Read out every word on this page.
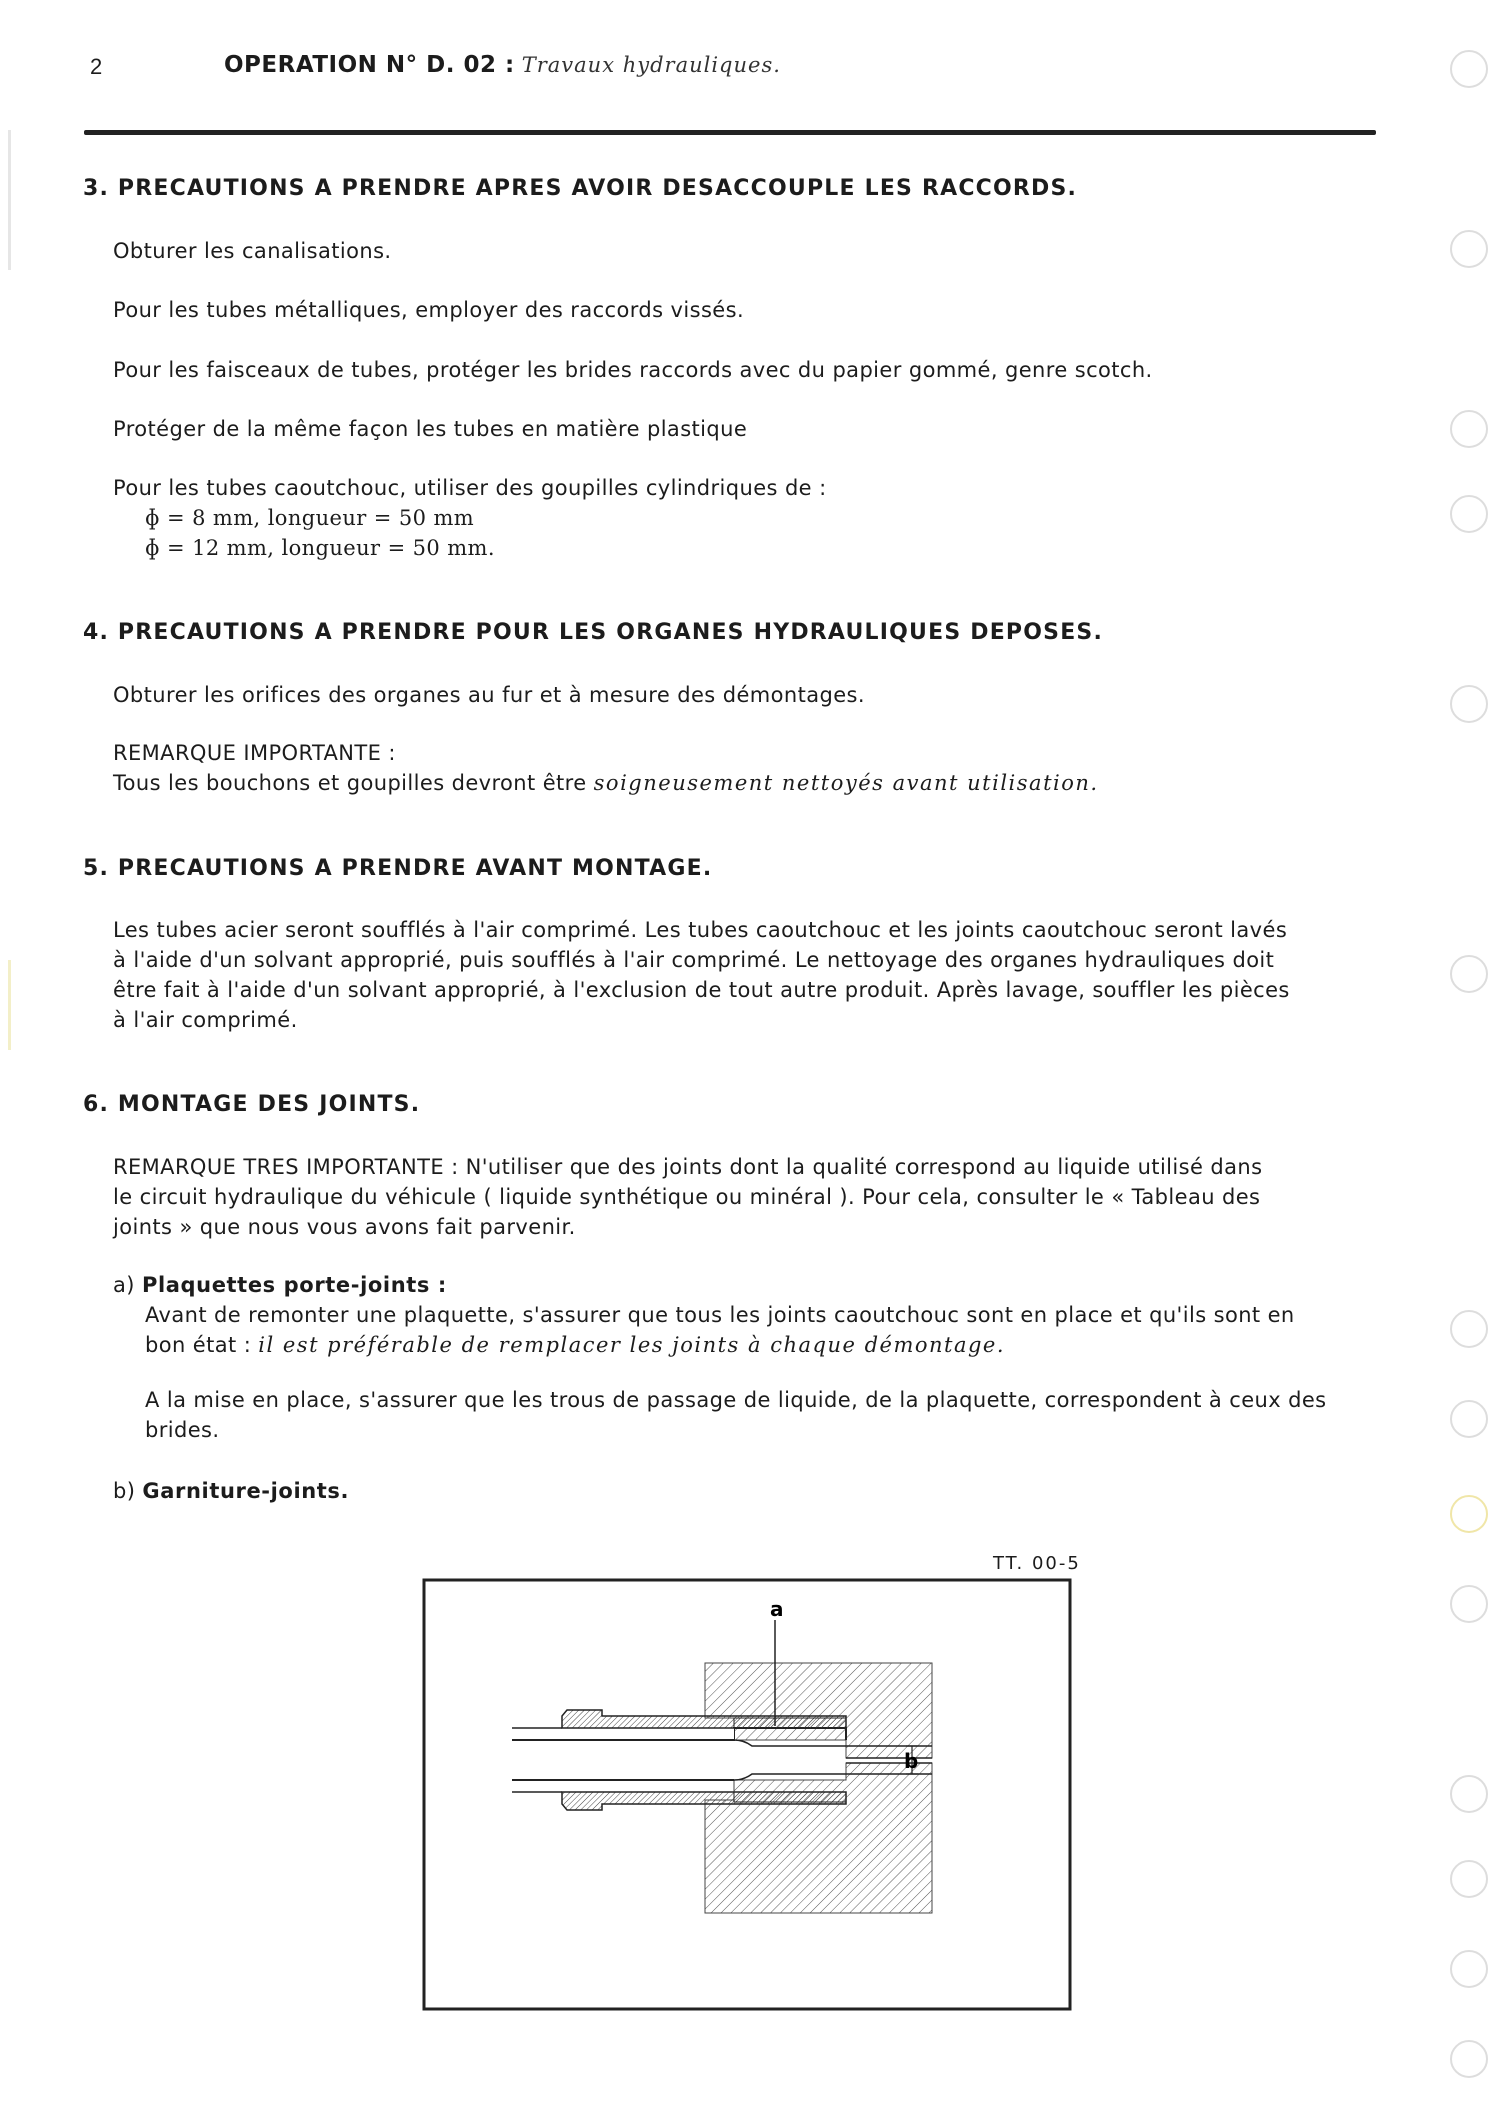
2	OPERATION N° D. 02 : Travaux hydrauliques.
3. PRECAUTIONS A PRENDRE APRES AVOIR DESACCOUPLE LES RACCORDS.
Obturer les canalisations.
Pour les tubes métalliques, employer des raccords vissés.
Pour les faisceaux de tubes, protéger les brides raccords avec du papier gommé, genre scotch.
Protéger de la même façon les tubes en matière plastique
Pour les tubes caoutchouc, utiliser des goupilles cylindriques de :
ɸ = 8 mm, longueur = 50 mm
ɸ = 12 mm, longueur = 50 mm.
4. PRECAUTIONS A PRENDRE POUR LES ORGANES HYDRAULIQUES DEPOSES.
Obturer les orifices des organes au fur et à mesure des démontages.
REMARQUE IMPORTANTE :
Tous les bouchons et goupilles devront être soigneusement nettoyés avant utilisation.
5. PRECAUTIONS A PRENDRE AVANT MONTAGE.
Les tubes acier seront soufflés à l'air comprimé. Les tubes caoutchouc et les joints caoutchouc seront lavés
à l'aide d'un solvant approprié, puis soufflés à l'air comprimé. Le nettoyage des organes hydrauliques doit
être fait à l'aide d'un solvant approprié, à l'exclusion de tout autre produit. Après lavage, souffler les pièces
à l'air comprimé.
6. MONTAGE DES JOINTS.
REMARQUE TRES IMPORTANTE : N'utiliser que des joints dont la qualité correspond au liquide utilisé dans
le circuit hydraulique du véhicule ( liquide synthétique ou minéral ). Pour cela, consulter le « Tableau des
joints » que nous vous avons fait parvenir.
a) Plaquettes porte-joints :
Avant de remonter une plaquette, s'assurer que tous les joints caoutchouc sont en place et qu'ils sont en
bon état : il est préférable de remplacer les joints à chaque démontage.
A la mise en place, s'assurer que les trous de passage de liquide, de la plaquette, correspondent à ceux des
brides.
b) Garniture-joints.
TT. 00-5
a
b
